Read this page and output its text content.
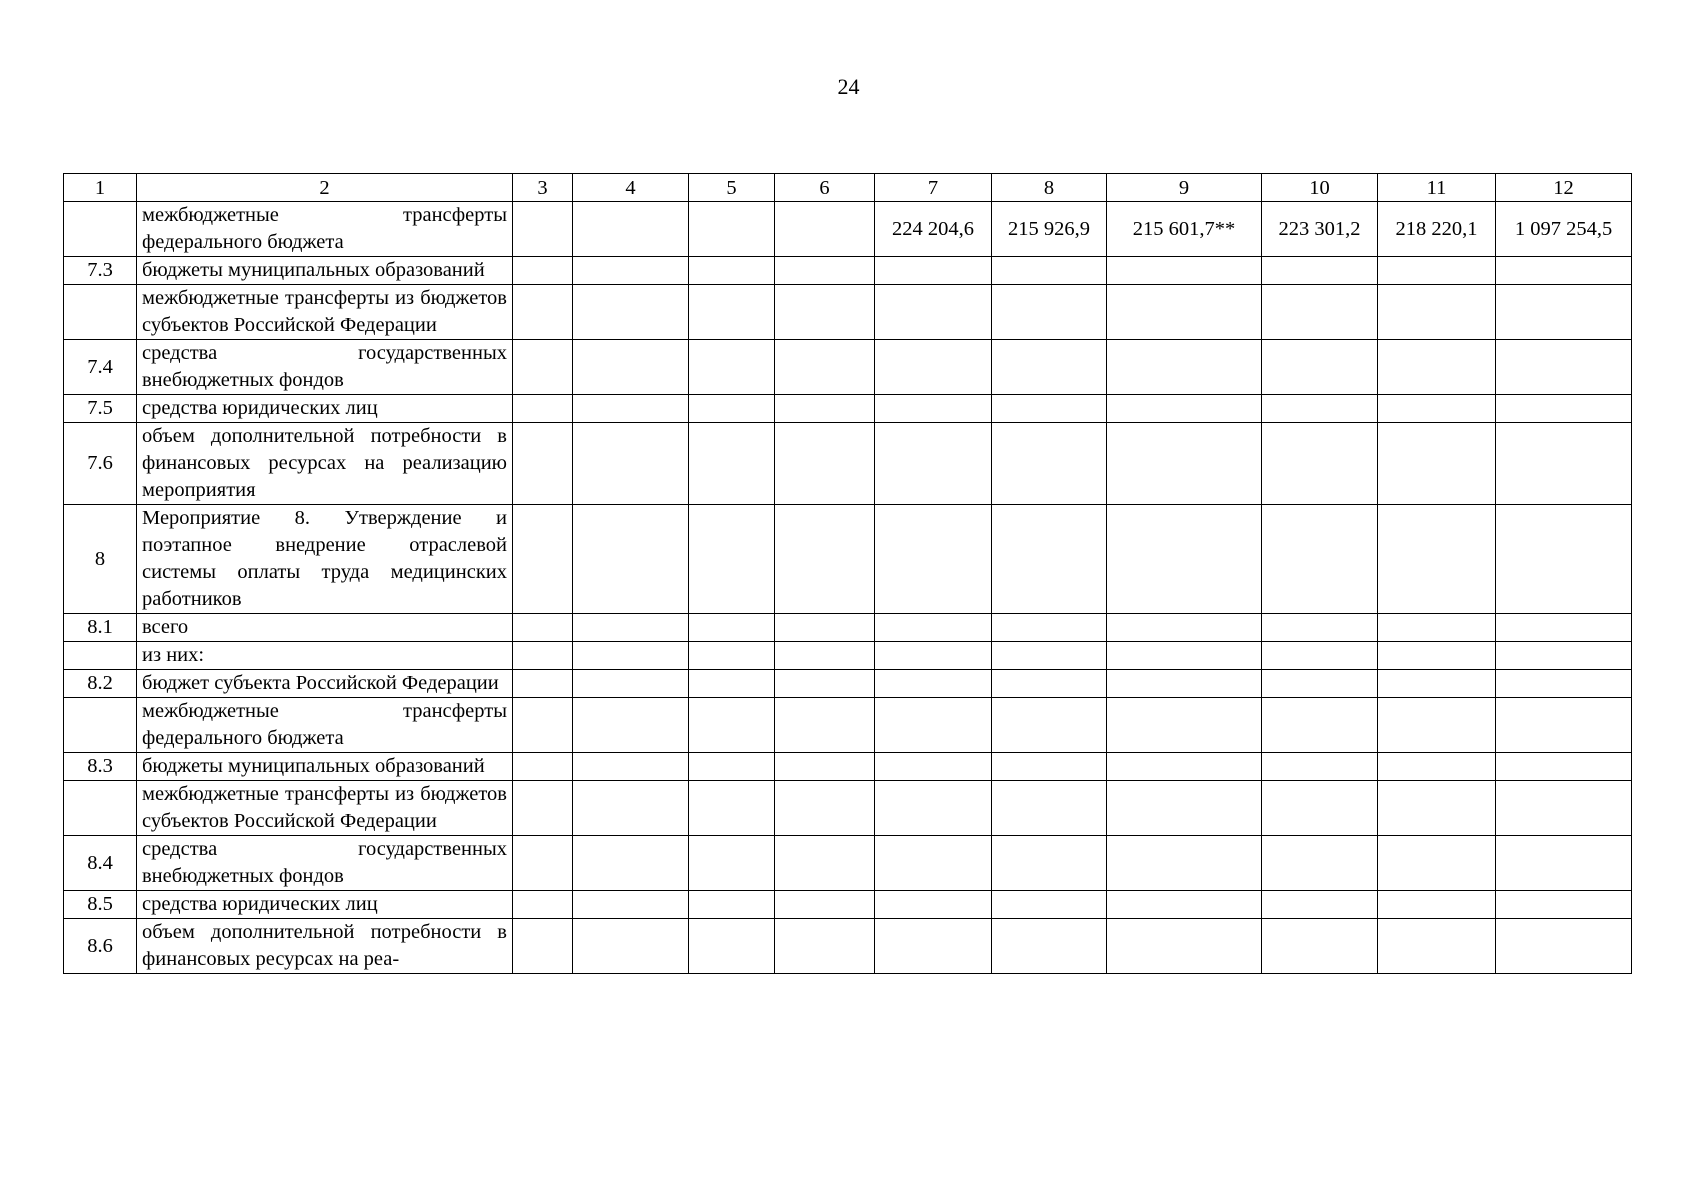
24
1	2	3	4	5	6	7	8	9	10	11	12
	межбюджетные трансферты федерального бюджета					224 204,6	215 926,9	215 601,7**	223 301,2	218 220,1	1 097 254,5
7.3	бюджеты муниципальных образований										
	межбюджетные трансферты из бюджетов субъектов Российской Федерации										
7.4	средства государственных внебюджетных фондов										
7.5	средства юридических лиц										
7.6	объем дополнительной потребности в финансовых ресурсах на реализацию мероприятия										
8	Мероприятие 8. Утверждение и поэтапное внедрение отраслевой системы оплаты труда медицинских работников										
8.1	всего										
	из них:										
8.2	бюджет субъекта Российской Федерации										
	межбюджетные трансферты федерального бюджета										
8.3	бюджеты муниципальных образований										
	межбюджетные трансферты из бюджетов субъектов Российской Федерации										
8.4	средства государственных внебюджетных фондов										
8.5	средства юридических лиц										
8.6	объем дополнительной потребности в финансовых ресурсах на реа-										
